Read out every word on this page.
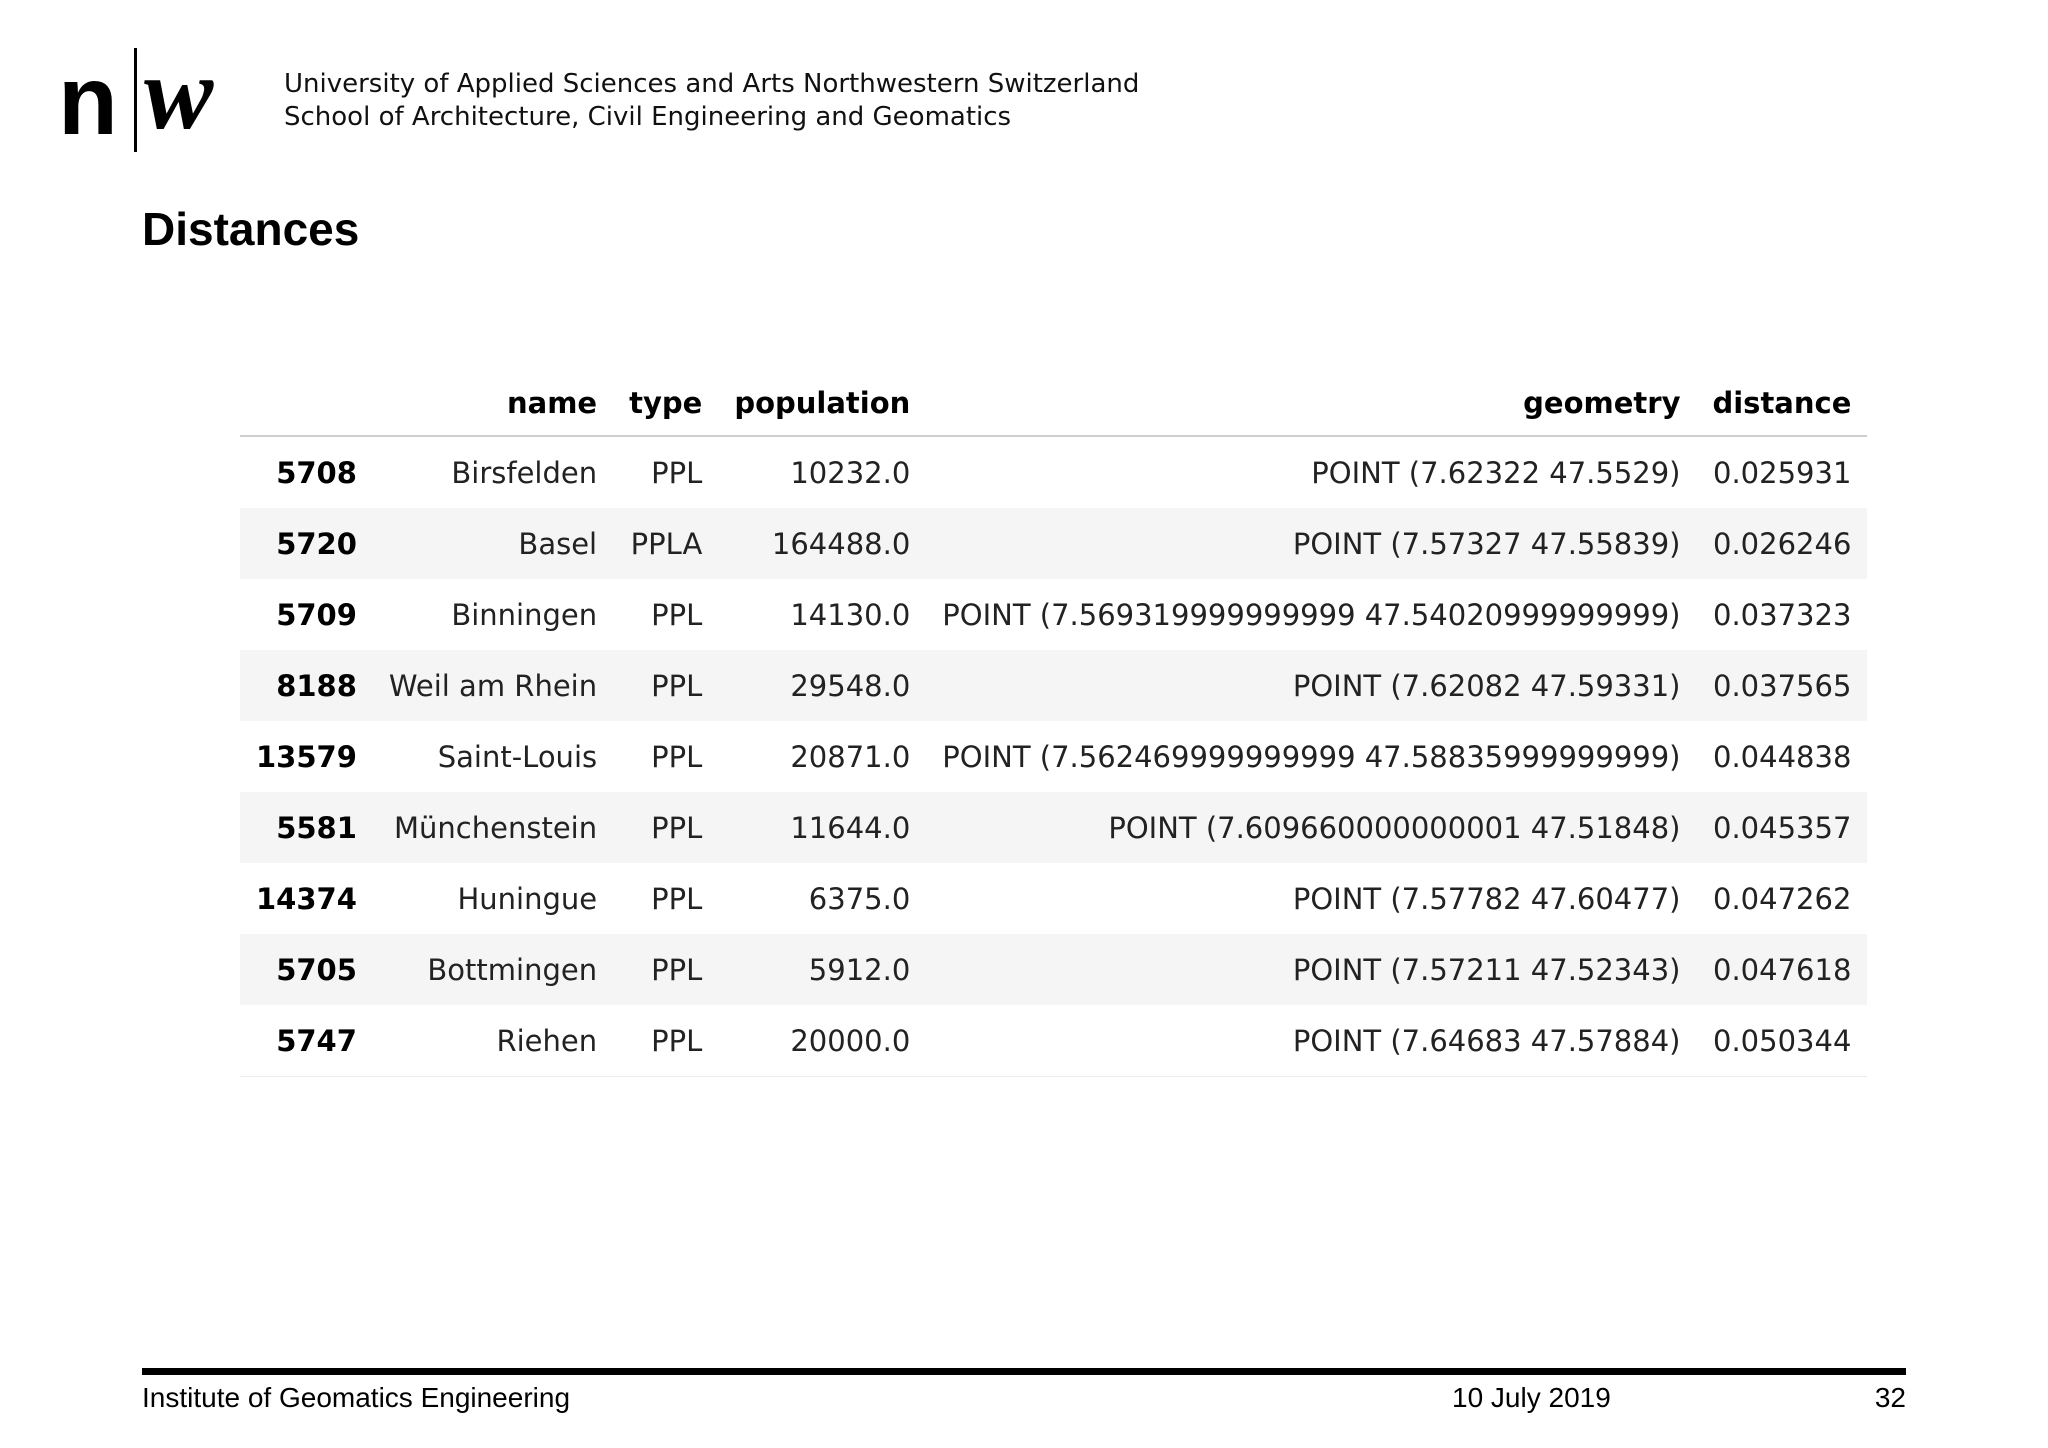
n w	University of Applied Sciences and Arts Northwestern Switzerland
School of Architecture, Civil Engineering and Geomatics
Distances
	name	type	population	geometry	distance
5708	Birsfelden	PPL	10232.0	POINT (7.62322 47.5529)	0.025931
5720	Basel	PPLA	164488.0	POINT (7.57327 47.55839)	0.026246
5709	Binningen	PPL	14130.0	POINT (7.569319999999999 47.54020999999999)	0.037323
8188	Weil am Rhein	PPL	29548.0	POINT (7.62082 47.59331)	0.037565
13579	Saint-Louis	PPL	20871.0	POINT (7.562469999999999 47.58835999999999)	0.044838
5581	Münchenstein	PPL	11644.0	POINT (7.609660000000001 47.51848)	0.045357
14374	Huningue	PPL	6375.0	POINT (7.57782 47.60477)	0.047262
5705	Bottmingen	PPL	5912.0	POINT (7.57211 47.52343)	0.047618
5747	Riehen	PPL	20000.0	POINT (7.64683 47.57884)	0.050344
Institute of Geomatics Engineering	10 July 2019	32
